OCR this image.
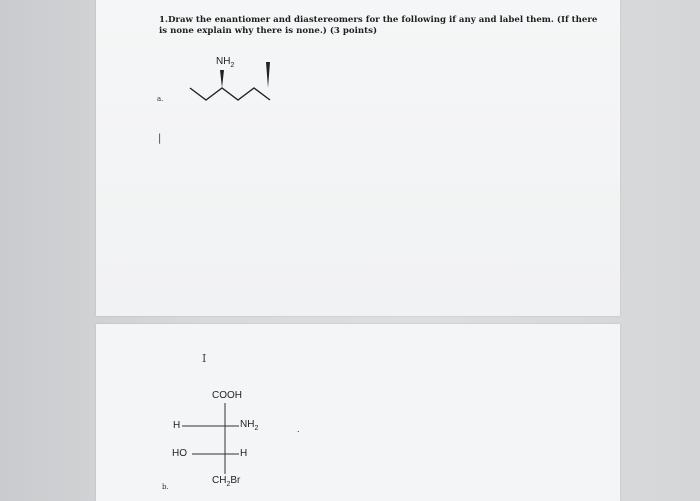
1.Draw the enantiomer and diastereomers for the following if any and label them. (If there
is none explain why there is none.) (3 points)
a.
$NH_2$
|
I
COOH
H	$NH_2$
HO	H
$CH_2Br$
.
b.
